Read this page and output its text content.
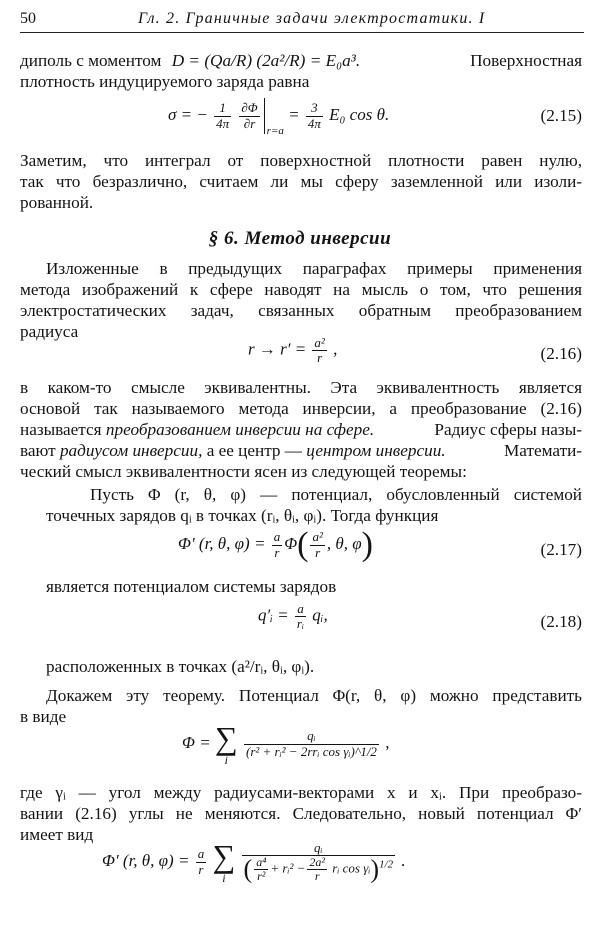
50	Гл. 2. Граничные задачи электростатики. I
диполь с моментом D = (Qa/R) (2a²/R) = E₀a³.	Поверхностная
плотность индуцируемого заряда равна
σ = − $\frac{1}{4\pi}$
$\frac{\partial\Phi}{\partial r}$
$_{r=a} = \frac{3}{4\pi} E_0$ cos θ.	(2.15)
Заметим, что интеграл от поверхностной плотности равен нулю,
так что безразлично, считаем ли мы сферу заземленной или изоли-
рованной.
§ 6. Метод инверсии
Изложенные в предыдущих параграфах примеры применения
метода изображений к сфере наводят на мысль о том, что решения
электростатических задач, связанных обратным преобразованием
радиуса
$r \to r' = \frac{\text{a²}}{r}$ ,	(2.16)
в каком-то смысле эквивалентны. Эта эквивалентность является
основой так называемого метода инверсии, а преобразование (2.16)
называется преобразованием инверсии на сфере.	Радиус сферы назы-
вают радиусом инверсии, а ее центр — центром инверсии.	Математи-
ческий смысл эквивалентности ясен из следующей теоремы:
Пусть Φ (r, θ, φ) — потенциал, обусловленный системой
точечных зарядов qᵢ в точках (rᵢ, θᵢ, φᵢ). Тогда функция
Φ′ (r, θ, $\varphi) = \frac{a}{r} \Phi( \frac{\text{a²}}{r}$ , θ, φ)	(2.17)
является потенциалом системы зарядов
q′ᵢ = $\frac{a}{\text{rᵢ}}$ qᵢ,	(2.18)
расположенных в точках (a²/rᵢ, θᵢ, φᵢ).
Докажем эту теорему. Потенциал Φ(r, θ, φ) можно представить
в виде
Φ = ∑
i

$\frac{\text{qᵢ}}{\text{(r² + rᵢ² − 2rrᵢ cos γᵢ)\textasciicircum{}1/2}}$ ,
где γᵢ — угол между радиусами-векторами x и xᵢ. При преобразо-
вании (2.16) углы не меняются. Следовательно, новый потенциал Φ′
имеет вид
Φ′ (r, θ, $\varphi) = \frac{a}{r}$
∑
i
	$\frac{\text{qᵢ}}{( \frac{\text{a⁴}}{\text{r²}} + rᵢ^2 - \frac{\text{2a²}}{r} rᵢ \cos \gamma ᵢ)^{1/2}}$ .
